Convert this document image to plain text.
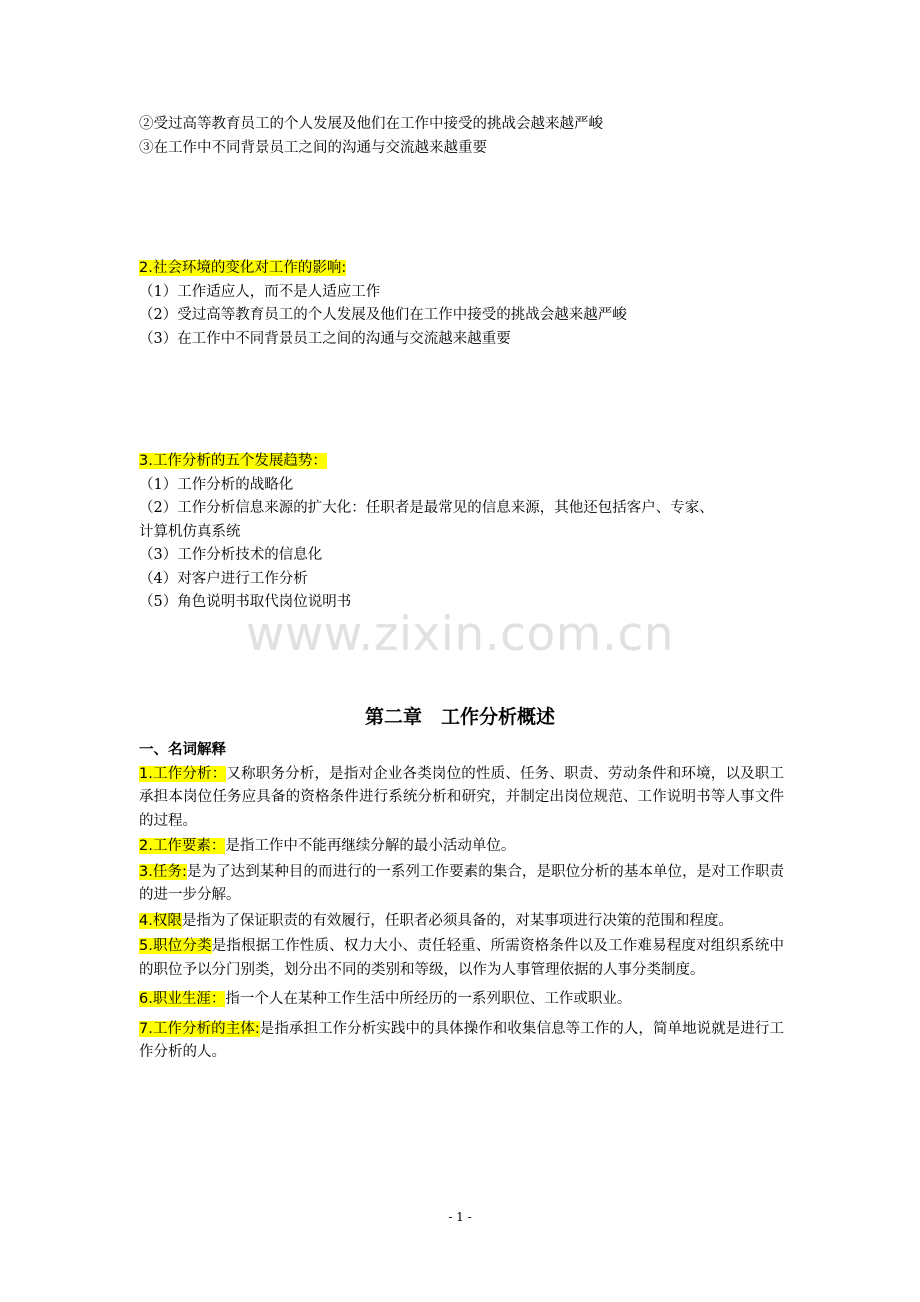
②受过高等教育员工的个人发展及他们在工作中接受的挑战会越来越严峻
③在工作中不同背景员工之间的沟通与交流越来越重要
2.社会环境的变化对工作的影响:
（1）工作适应人，而不是人适应工作
（2）受过高等教育员工的个人发展及他们在工作中接受的挑战会越来越严峻
（3）在工作中不同背景员工之间的沟通与交流越来越重要
3.工作分析的五个发展趋势：
（1）工作分析的战略化
（2）工作分析信息来源的扩大化：任职者是最常见的信息来源，其他还包括客户、专家、
计算机仿真系统
（3）工作分析技术的信息化
（4）对客户进行工作分析
（5）角色说明书取代岗位说明书
www.zixin.com.cn
第二章　工作分析概述
一、名词解释

1.工作分析：又称职务分析，是指对企业各类岗位的性质、任务、职责、劳动条件和环境，以及职工承担本岗位任务应具备的资格条件进行系统分析和研究，并制定出岗位规范、工作说明书等人事文件的过程。

2.工作要素：是指工作中不能再继续分解的最小活动单位。

3.任务:是为了达到某种目的而进行的一系列工作要素的集合，是职位分析的基本单位，是对工作职责的进一步分解。

4.权限是指为了保证职责的有效履行，任职者必须具备的，对某事项进行决策的范围和程度。

5.职位分类是指根据工作性质、权力大小、责任轻重、所需资格条件以及工作难易程度对组织系统中的职位予以分门别类，划分出不同的类别和等级，以作为人事管理依据的人事分类制度。

6.职业生涯：指一个人在某种工作生活中所经历的一系列职位、工作或职业。

7.工作分析的主体:是指承担工作分析实践中的具体操作和收集信息等工作的人，简单地说就是进行工作分析的人。

- 1 -
